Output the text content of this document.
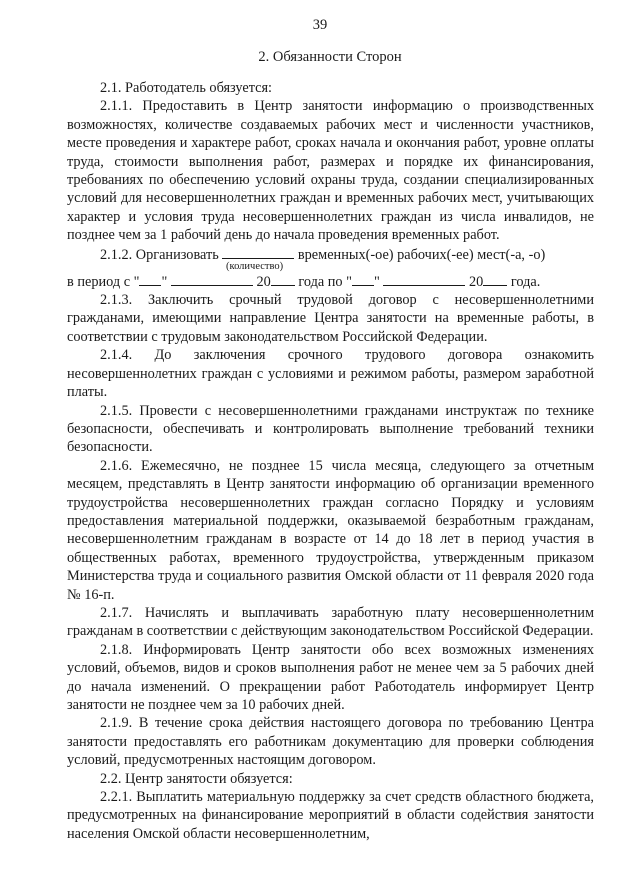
39
2. Обязанности Сторон

2.1. Работодатель обязуется:

2.1.1. Предоставить в Центр занятости информацию о производственных возможностях, количестве создаваемых рабочих мест и численности участников, месте проведения и характере работ, сроках начала и окончания работ, уровне оплаты труда, стоимости выполнения работ, размерах и порядке их финансирования, требованиях по обеспечению условий охраны труда, создании специализированных условий для несовершеннолетних граждан и временных рабочих мест, учитывающих характер и условия труда несовершеннолетних граждан из числа инвалидов, не позднее чем за 1 рабочий день до начала проведения временных работ.

2.1.2. Организовать	временных(-ое) рабочих(-ее) мест(-а, -о)
(количество)
в период с " "	20 года по " "	20 года.

2.1.3. Заключить срочный трудовой договор с несовершеннолетними гражданами, имеющими направление Центра занятости на временные работы, в соответствии с трудовым законодательством Российской Федерации.

2.1.4. До заключения срочного трудового договора ознакомить несовершеннолетних граждан с условиями и режимом работы, размером заработной платы.

2.1.5. Провести с несовершеннолетними гражданами инструктаж по технике безопасности, обеспечивать и контролировать выполнение требований техники безопасности.

2.1.6. Ежемесячно, не позднее 15 числа месяца, следующего за отчетным месяцем, представлять в Центр занятости информацию об организации временного трудоустройства несовершеннолетних граждан согласно Порядку и условиям предоставления материальной поддержки, оказываемой безработным гражданам, несовершеннолетним гражданам в возрасте от 14 до 18 лет в период участия в общественных работах, временного трудоустройства, утвержденным приказом Министерства труда и социального развития Омской области от 11 февраля 2020 года № 16-п.

2.1.7. Начислять и выплачивать заработную плату несовершеннолетним гражданам в соответствии с действующим законодательством Российской Федерации.

2.1.8. Информировать Центр занятости обо всех возможных изменениях условий, объемов, видов и сроков выполнения работ не менее чем за 5 рабочих дней до начала изменений. О прекращении работ Работодатель информирует Центр занятости не позднее чем за 10 рабочих дней.

2.1.9. В течение срока действия настоящего договора по требованию Центра занятости предоставлять его работникам документацию для проверки соблюдения условий, предусмотренных настоящим договором.

2.2. Центр занятости обязуется:

2.2.1. Выплатить материальную поддержку за счет средств областного бюджета, предусмотренных на финансирование мероприятий в области содействия занятости населения Омской области несовершеннолетним,
